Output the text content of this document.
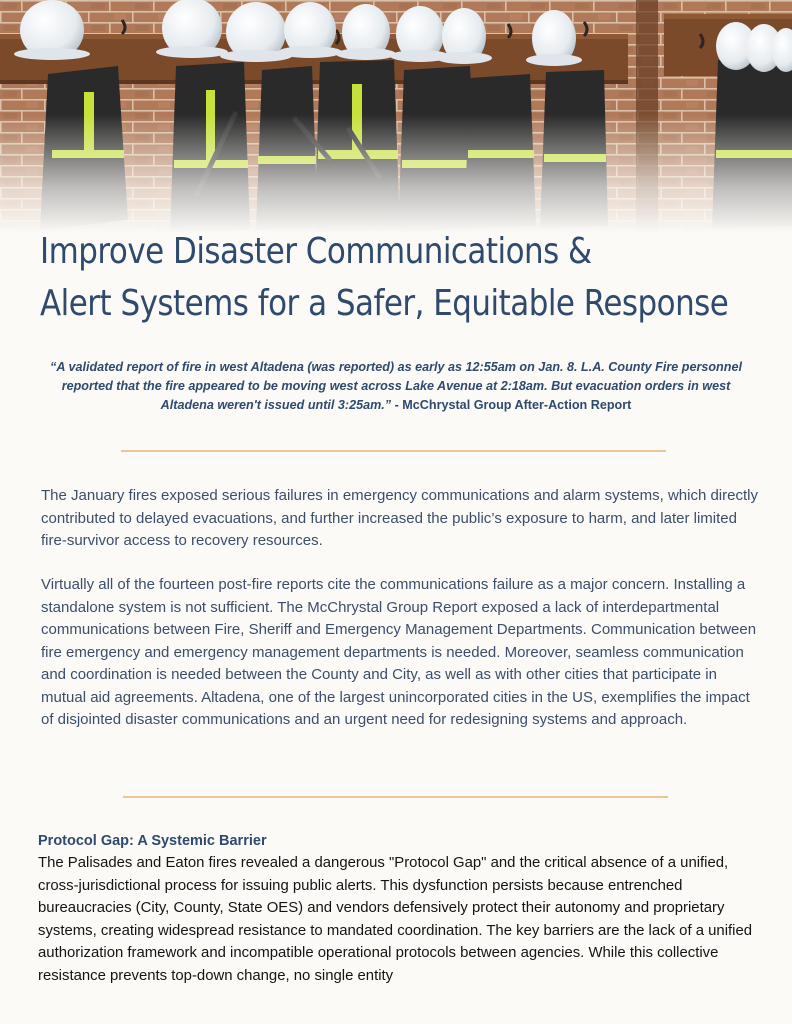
Improve Disaster Communications &
Alert Systems for a Safer, Equitable Response

“A validated report of fire in west Altadena (was reported) as early as 12:55am on Jan. 8. L.A. County Fire personnel reported that the fire appeared to be moving west across Lake Avenue at 2:18am. But evacuation orders in west Altadena weren't issued until 3:25am.” - McChrystal Group After-Action Report

The January fires exposed serious failures in emergency communications and alarm systems, which directly contributed to delayed evacuations, and further increased the public’s exposure to harm, and later limited fire-survivor access to recovery resources.

Virtually all of the fourteen post-fire reports cite the communications failure as a major concern. Installing a standalone system is not sufficient. The McChrystal Group Report exposed a lack of interdepartmental communications between Fire, Sheriff and Emergency Management Departments. Communication between fire emergency and emergency management departments is needed. Moreover, seamless communication and coordination is needed between the County and City, as well as with other cities that participate in mutual aid agreements. Altadena, one of the largest unincorporated cities in the US, exemplifies the impact of disjointed disaster communications and an urgent need for redesigning systems and approach.

Protocol Gap: A Systemic Barrier

The Palisades and Eaton fires revealed a dangerous "Protocol Gap" and the critical absence of a unified, cross-jurisdictional process for issuing public alerts. This dysfunction persists because entrenched bureaucracies (City, County, State OES) and vendors defensively protect their autonomy and proprietary systems, creating widespread resistance to mandated coordination. The key barriers are the lack of a unified authorization framework and incompatible operational protocols between agencies. While this collective resistance prevents top-down change, no single entity
